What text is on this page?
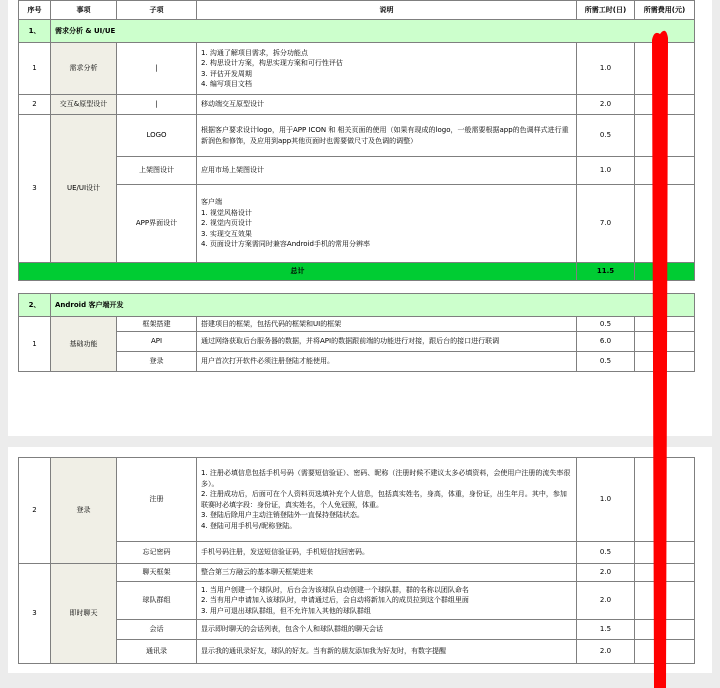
序号	事项	子项	说明	所需工时(日)	所需费用(元)
1、	需求分析 & UI/UE				
1	需求分析	|	1. 沟通了解项目需求，拆分功能点
2. 构思设计方案，构思实现方案和可行性评估
3. 评估开发周期
4. 编写项目文档	1.0	
2	交互&原型设计	|	移动端交互原型设计	2.0	
3	UE/UI设计	LOGO	根据客户要求设计logo，用于APP ICON 和 相关页面的使用（如果有现成的logo，一般需要根据app的色调样式进行重新润色和修饰，及应用到app其他页面时也需要做尺寸及色调的调整）	0.5	
		上架图设计	应用市场上架图设计	1.0	
		APP界面设计	客户端
1. 视觉风格设计
2. 视觉内页设计
3. 实现交互效果
4. 页面设计方案需同时兼容Android手机的常用分辨率	7.0	
总计				11.5	

2、	Android 客户端开发				
1	基础功能	框架搭建	搭建项目的框架，包括代码的框架和UI的框架	0.5	
		API	通过网络获取后台服务器的数据，并将API的数据跟前端的功能进行对接，跟后台的接口进行联调	6.0	
		登录	用户首次打开软件必须注册登陆才能使用。	0.5	
2	登录	注册	1. 注册必填信息包括手机号码（需要短信验证）、密码、昵称（注册时候不建议太多必填资料，会使用户注册的流失率很多）。
2. 注册成功后，后面可在个人资料页选填补充个人信息，包括真实姓名，身高，体重，身份证，出生年月。其中，参加联赛时必填字段：身份证，真实姓名，个人免冠照，体重。
3. 登陆后除用户主动注销登陆外一直保持登陆状态。
4. 登陆可用手机号/昵称登陆。	1.0	
		忘记密码	手机号码注册，发送短信验证码，手机短信找回密码。	0.5	
3	即时聊天	聊天框架	整合第三方融云的基本聊天框架进来	2.0	
		球队群组	1. 当用户创建一个球队时，后台会为该球队自动创建一个球队群，群的名称以团队命名
2. 当有用户申请加入该球队时，申请通过后，会自动将新加入的成员拉到这个群组里面
3. 用户可退出球队群组，但不允许加入其他的球队群组	2.0	
		会话	显示即时聊天的会话列表，包含个人和球队群组的聊天会话	1.5	
		通讯录	显示我的通讯录好友，球队的好友。当有新的朋友添加我为好友时，有数字提醒	2.0	
